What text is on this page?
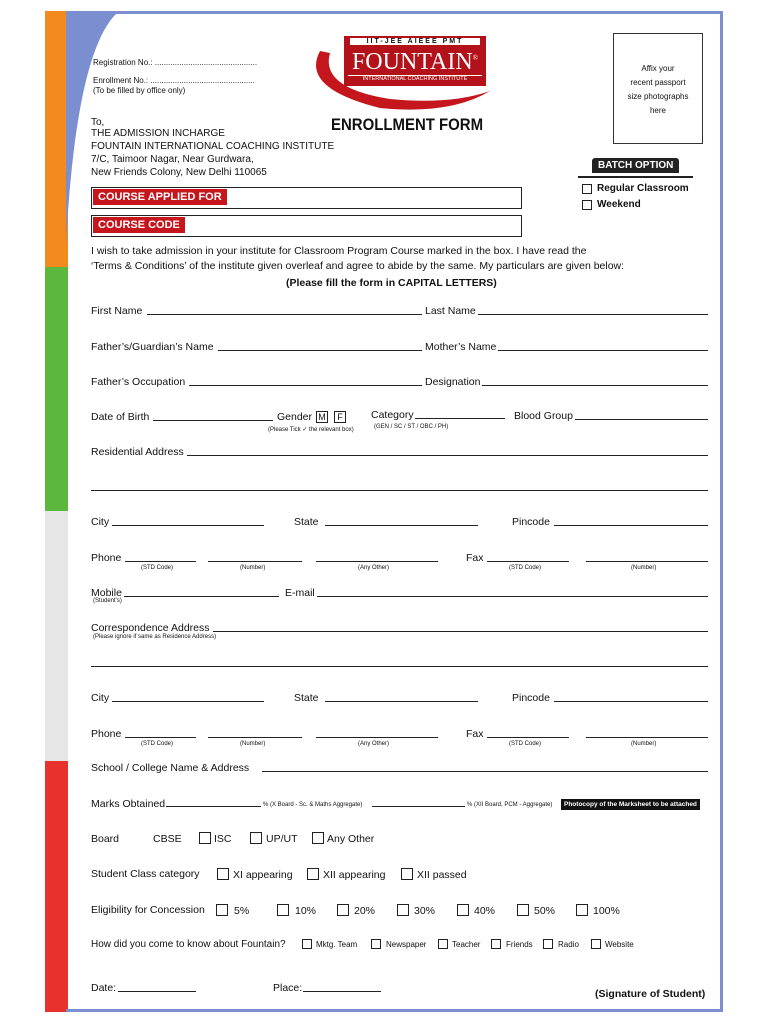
Registration No.: ..............................................
Enrollment No.: ...............................................
(To be filled by office only)
To,
THE ADMISSION INCHARGE
FOUNTAIN INTERNATIONAL COACHING INSTITUTE
7/C, Taimoor Nagar, Near Gurdwara,
New Friends Colony, New Delhi 110065
IIT-JEE AIEEE PMT
FOUNTAIN®
INTERNATIONAL COACHING INSTITUTE
ENROLLMENT FORM
Affix your
recent passport
size photographs
here
BATCH OPTION
Regular Classroom
Weekend
COURSE APPLIED FOR
COURSE CODE
I wish to take admission in your institute for Classroom Program Course marked in the box. I have read the
‘Terms & Conditions’ of the institute given overleaf and agree to abide by the same. My particulars are given below:
(Please fill the form in CAPITAL LETTERS)
First Name	Last Name
Father’s/Guardian’s Name	Mother’s Name
Father’s Occupation	Designation
Date of Birth	Gender M	F
(Please Tick ✓ the relevant box)
Category
(GEN / SC / ST / OBC / PH)
Blood Group
Residential Address
City	State	Pincode
Phone
(STD Code)	(Number)	(Any Other)
Fax
(STD Code)	(Number)
Mobile
(Student’s)
E-mail
Correspondence Address
(Please ignore if same as Residence Address)
City	State	Pincode
Phone
(STD Code)	(Number)	(Any Other)
Fax
(STD Code)	(Number)
School / College Name & Address
Marks Obtained	% (X Board - Sc. & Maths Aggregate)	% (XII Board, PCM - Aggregate)	Photocopy of the Marksheet to be attached
Board	CBSE	ISC	UP/UT	Any Other
Student Class category	XI appearing	XII appearing	XII passed
Eligibility for Concession	5%	10%	20%	30%	40%	50%	100%
How did you come to know about Fountain?	Mktg. Team	Newspaper	Teacher	Friends	Radio	Website
Date:	Place:	(Signature of Student)
